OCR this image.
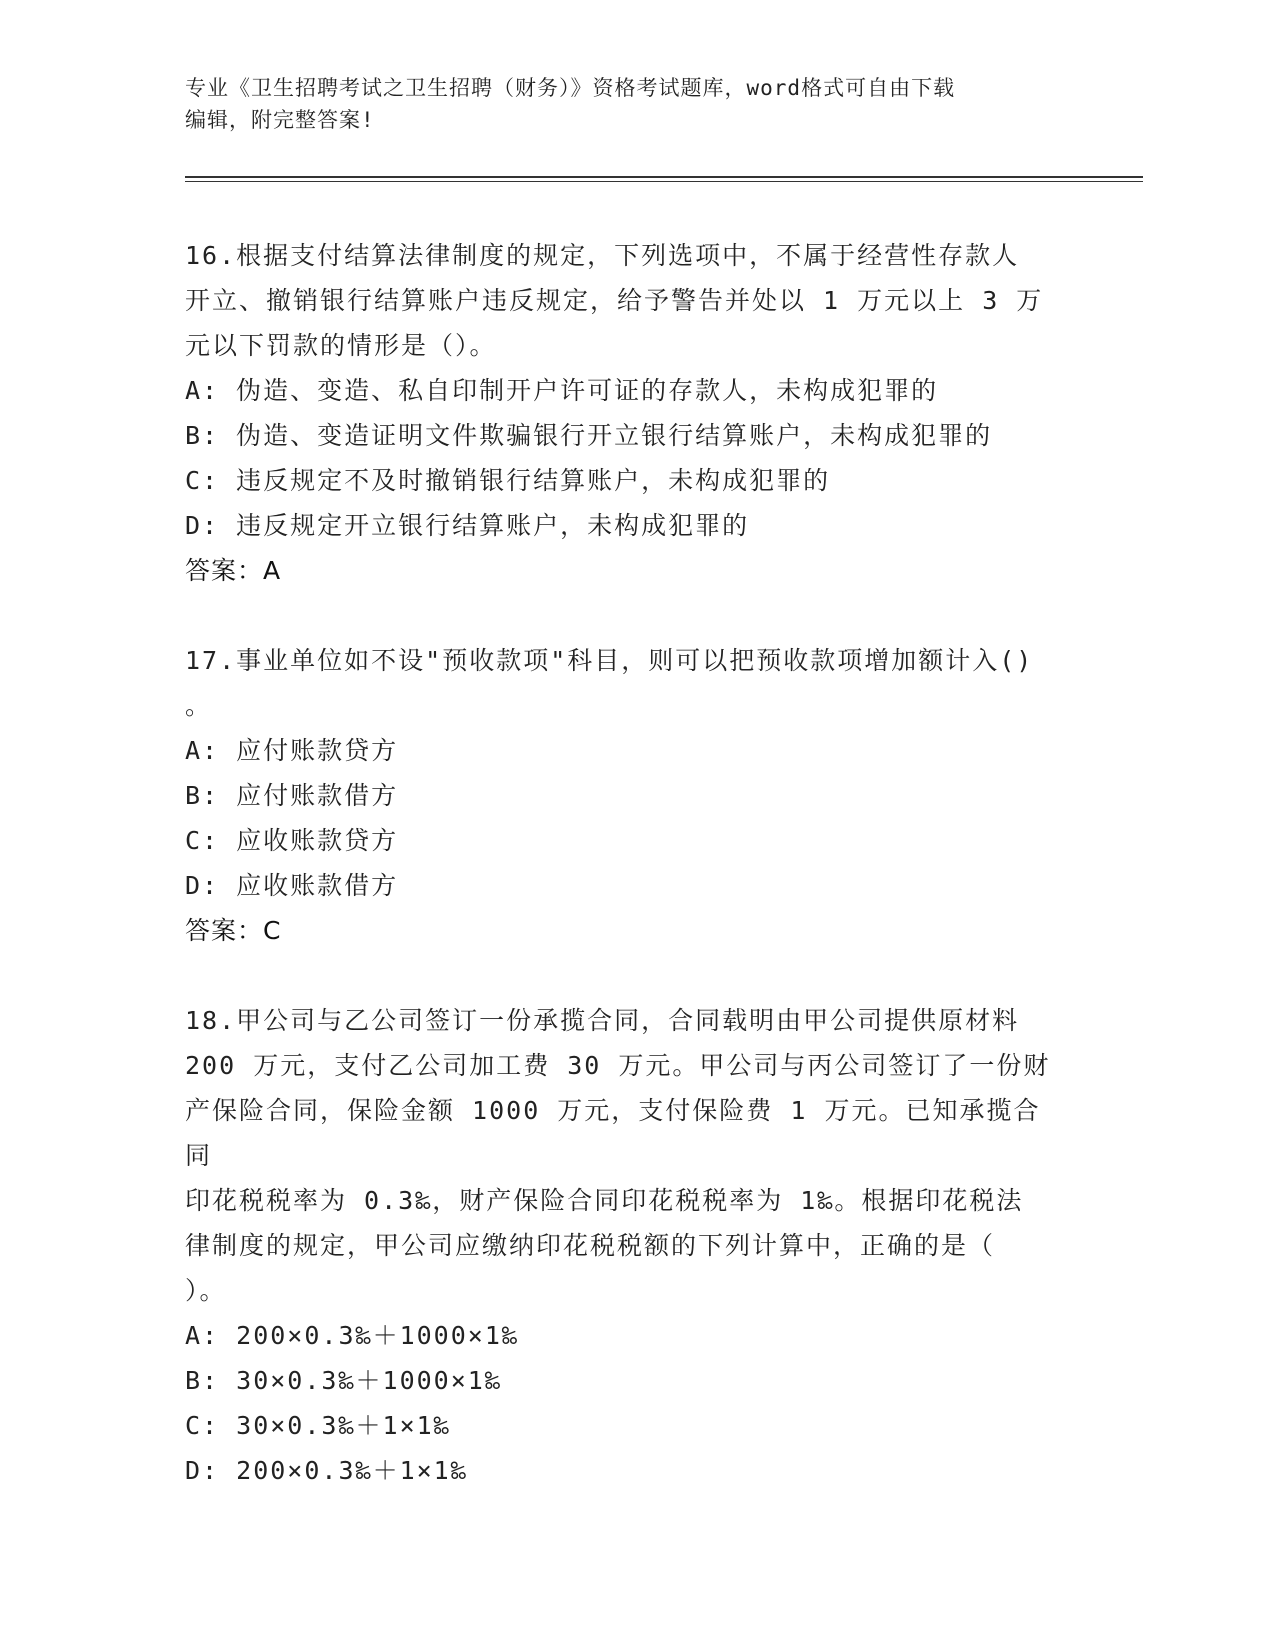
专业《卫生招聘考试之卫生招聘（财务）》资格考试题库，word格式可自由下载
编辑，附完整答案!
16.根据支付结算法律制度的规定，下列选项中，不属于经营性存款人
开立、撤销银行结算账户违反规定，给予警告并处以 1 万元以上 3 万
元以下罚款的情形是（）。
A: 伪造、变造、私自印制开户许可证的存款人，未构成犯罪的
B: 伪造、变造证明文件欺骗银行开立银行结算账户，未构成犯罪的
C: 违反规定不及时撤销银行结算账户，未构成犯罪的
D: 违反规定开立银行结算账户，未构成犯罪的
答案：A
17.事业单位如不设"预收款项"科目，则可以把预收款项增加额计入()
。
A: 应付账款贷方
B: 应付账款借方
C: 应收账款贷方
D: 应收账款借方
答案：C
18.甲公司与乙公司签订一份承揽合同，合同载明由甲公司提供原材料
200 万元，支付乙公司加工费 30 万元。甲公司与丙公司签订了一份财
产保险合同，保险金额 1000 万元，支付保险费 1 万元。已知承揽合同
印花税税率为 0.3‰，财产保险合同印花税税率为 1‰。根据印花税法
律制度的规定，甲公司应缴纳印花税税额的下列计算中，正确的是（
）。
A: 200×0.3‰＋1000×1‰
B: 30×0.3‰＋1000×1‰
C: 30×0.3‰＋1×1‰
D: 200×0.3‰＋1×1‰
